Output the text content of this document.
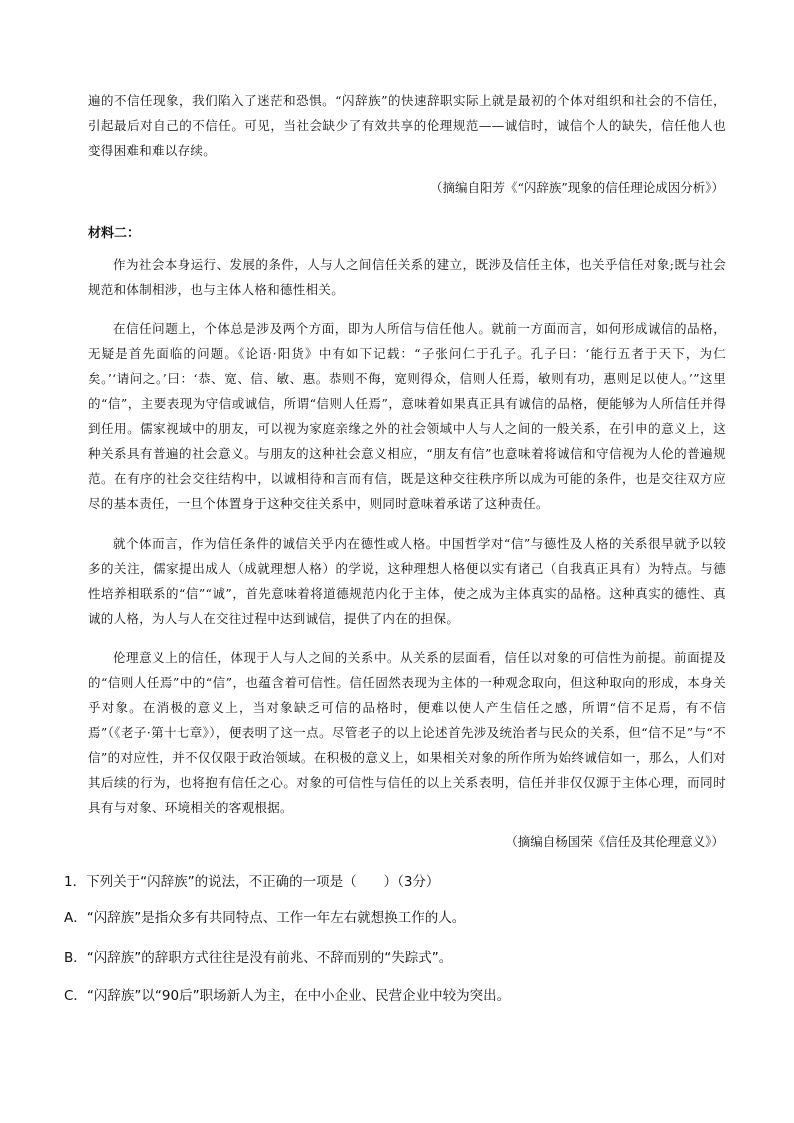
遍的不信任现象，我们陷入了迷茫和恐惧。“闪辞族”的快速辞职实际上就是最初的个体对组织和社会的不信任，引起最后对自己的不信任。可见，当社会缺少了有效共享的伦理规范——诚信时，诚信个人的缺失，信任他人也变得困难和难以存续。
（摘编自阳芳《“闪辞族”现象的信任理论成因分析》）
材料二：
作为社会本身运行、发展的条件，人与人之间信任关系的建立，既涉及信任主体，也关乎信任对象;既与社会规范和体制相涉，也与主体人格和德性相关。
在信任问题上，个体总是涉及两个方面，即为人所信与信任他人。就前一方面而言，如何形成诚信的品格，无疑是首先面临的问题。《论语·阳货》中有如下记载：“子张问仁于孔子。孔子曰：‘能行五者于天下，为仁矣。’‘请问之。’曰：‘恭、宽、信、敏、惠。恭则不侮，宽则得众，信则人任焉，敏则有功，惠则足以使人。’”这里的“信”，主要表现为守信或诚信，所谓“信则人任焉”，意味着如果真正具有诚信的品格，便能够为人所信任并得到任用。儒家视域中的朋友，可以视为家庭亲缘之外的社会领域中人与人之间的一般关系，在引申的意义上，这种关系具有普遍的社会意义。与朋友的这种社会意义相应，“朋友有信”也意味着将诚信和守信视为人伦的普遍规范。在有序的社会交往结构中，以诚相待和言而有信，既是这种交往秩序所以成为可能的条件，也是交往双方应尽的基本责任，一旦个体置身于这种交往关系中，则同时意味着承诺了这种责任。
就个体而言，作为信任条件的诚信关乎内在德性或人格。中国哲学对“信”与德性及人格的关系很早就予以较多的关注，儒家提出成人（成就理想人格）的学说，这种理想人格便以实有诸己（自我真正具有）为特点。与德性培养相联系的“信”“诚”，首先意味着将道德规范内化于主体，使之成为主体真实的品格。这种真实的德性、真诚的人格，为人与人在交往过程中达到诚信，提供了内在的担保。
伦理意义上的信任，体现于人与人之间的关系中。从关系的层面看，信任以对象的可信性为前提。前面提及的“信则人任焉”中的“信”，也蕴含着可信性。信任固然表现为主体的一种观念取向，但这种取向的形成，本身关乎对象。在消极的意义上，当对象缺乏可信的品格时，便难以使人产生信任之感，所谓“信不足焉，有不信焉”（《老子·第十七章》），便表明了这一点。尽管老子的以上论述首先涉及统治者与民众的关系，但“信不足”与“不信”的对应性，并不仅仅限于政治领域。在积极的意义上，如果相关对象的所作所为始终诚信如一，那么，人们对其后续的行为，也将抱有信任之心。对象的可信性与信任的以上关系表明，信任并非仅仅源于主体心理，而同时具有与对象、环境相关的客观根据。
（摘编自杨国荣《信任及其伦理意义》）
1．下列关于“闪辞族”的说法，不正确的一项是（　　）（3分）
A．“闪辞族”是指众多有共同特点、工作一年左右就想换工作的人。
B．“闪辞族”的辞职方式往往是没有前兆、不辞而别的“失踪式”。
C．“闪辞族”以“90后”职场新人为主，在中小企业、民营企业中较为突出。
